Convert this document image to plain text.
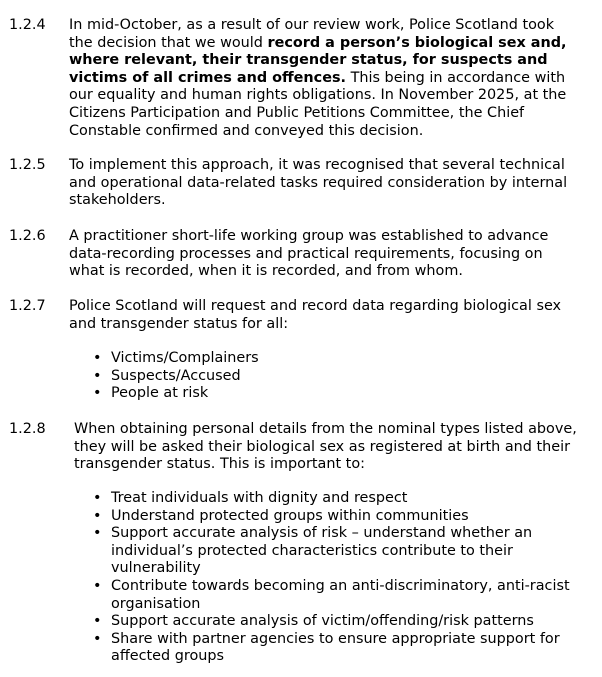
1.2.4 In mid-October, as a result of our review work, Police Scotland took
the decision that we would record a person’s biological sex and,
where relevant, their transgender status, for suspects and
victims of all crimes and offences. This being in accordance with
our equality and human rights obligations. In November 2025, at the
Citizens Participation and Public Petitions Committee, the Chief
Constable confirmed and conveyed this decision.
1.2.5 To implement this approach, it was recognised that several technical
and operational data-related tasks required consideration by internal
stakeholders.
1.2.6 A practitioner short-life working group was established to advance
data-recording processes and practical requirements, focusing on
what is recorded, when it is recorded, and from whom.
1.2.7 Police Scotland will request and record data regarding biological sex
and transgender status for all:
• Victims/Complainers
• Suspects/Accused
• People at risk
1.2.8 When obtaining personal details from the nominal types listed above,
they will be asked their biological sex as registered at birth and their
transgender status. This is important to:
• Treat individuals with dignity and respect
• Understand protected groups within communities
• Support accurate analysis of risk – understand whether an
individual’s protected characteristics contribute to their
vulnerability
• Contribute towards becoming an anti-discriminatory, anti-racist
organisation
• Support accurate analysis of victim/offending/risk patterns
• Share with partner agencies to ensure appropriate support for
affected groups
